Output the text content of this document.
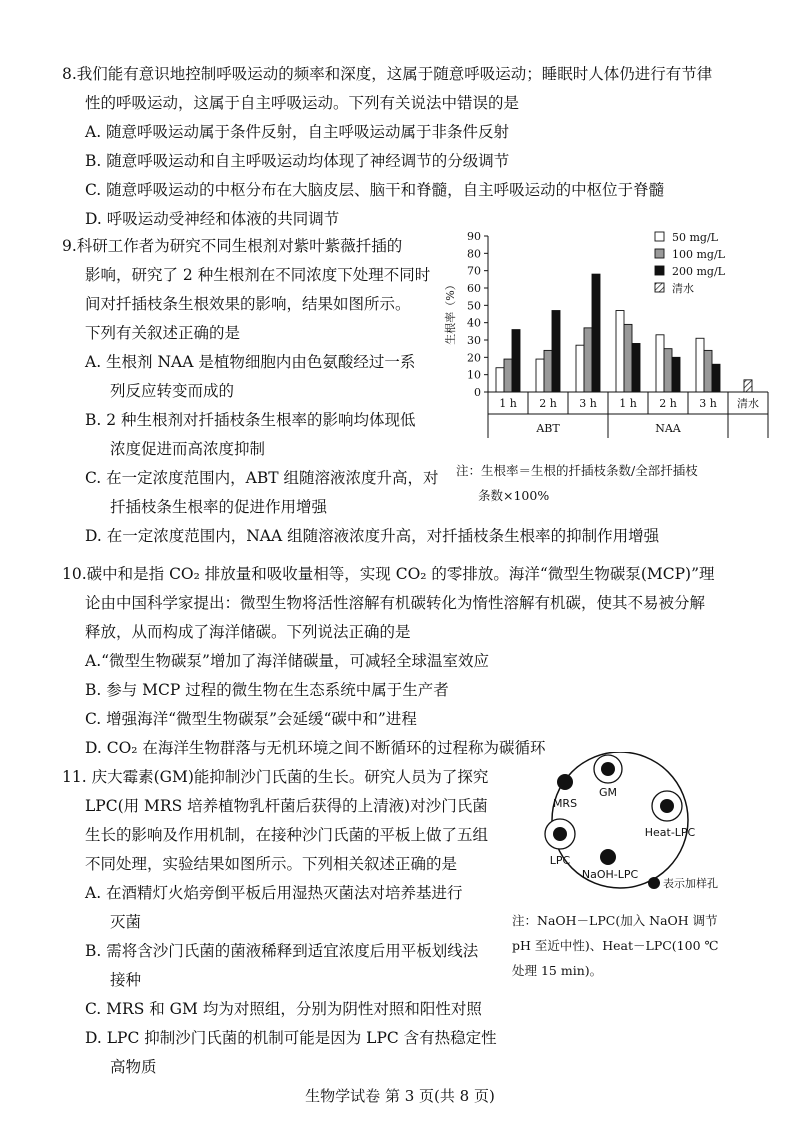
8.我们能有意识地控制呼吸运动的频率和深度，这属于随意呼吸运动；睡眠时人体仍进行有节律
性的呼吸运动，这属于自主呼吸运动。下列有关说法中错误的是
A. 随意呼吸运动属于条件反射，自主呼吸运动属于非条件反射
B. 随意呼吸运动和自主呼吸运动均体现了神经调节的分级调节
C. 随意呼吸运动的中枢分布在大脑皮层、脑干和脊髓，自主呼吸运动的中枢位于脊髓
D. 呼吸运动受神经和体液的共同调节
9.科研工作者为研究不同生根剂对紫叶紫薇扦插的
影响，研究了 2 种生根剂在不同浓度下处理不同时
间对扦插枝条生根效果的影响，结果如图所示。
下列有关叙述正确的是
A. 生根剂 NAA 是植物细胞内由色氨酸经过一系
列反应转变而成的
B. 2 种生根剂对扦插枝条生根率的影响均体现低
浓度促进而高浓度抑制
C. 在一定浓度范围内，ABT 组随溶液浓度升高，对
扦插枝条生根率的促进作用增强
D. 在一定浓度范围内，NAA 组随溶液浓度升高，对扦插枝条生根率的抑制作用增强
生根率（%）
0
10
20
30
40
50
60
70
80
90	50 mg/L
100 mg/L
200 mg/L
清水
1 h 2 h 3 h 1 h 2 h 3 h
ABT	NAA
清水
注：生根率＝生根的扦插枝条数/全部扦插枝
条数×100%
10.碳中和是指 CO₂ 排放量和吸收量相等，实现 CO₂ 的零排放。海洋“微型生物碳泵(MCP)”理
论由中国科学家提出：微型生物将活性溶解有机碳转化为惰性溶解有机碳，使其不易被分解
释放，从而构成了海洋储碳。下列说法正确的是
A.“微型生物碳泵”增加了海洋储碳量，可减轻全球温室效应
B. 参与 MCP 过程的微生物在生态系统中属于生产者
C. 增强海洋“微型生物碳泵”会延缓“碳中和”进程
D. CO₂ 在海洋生物群落与无机环境之间不断循环的过程称为碳循环
11. 庆大霉素(GM)能抑制沙门氏菌的生长。研究人员为了探究
LPC(用 MRS 培养植物乳杆菌后获得的上清液)对沙门氏菌
生长的影响及作用机制，在接种沙门氏菌的平板上做了五组
不同处理，实验结果如图所示。下列相关叙述正确的是
A. 在酒精灯火焰旁倒平板后用湿热灭菌法对培养基进行
灭菌
B. 需将含沙门氏菌的菌液稀释到适宜浓度后用平板划线法
接种
C. MRS 和 GM 均为对照组，分别为阴性对照和阳性对照
D. LPC 抑制沙门氏菌的机制可能是因为 LPC 含有热稳定性
MRS
GM
Heat-LPC
LPC
NaOH-LPC
表示加样孔
注：NaOH－LPC(加入 NaOH 调节
pH 至近中性)、Heat－LPC(100 ℃
处理 15 min)。
高物质
生物学试卷 第 3 页(共 8 页)
